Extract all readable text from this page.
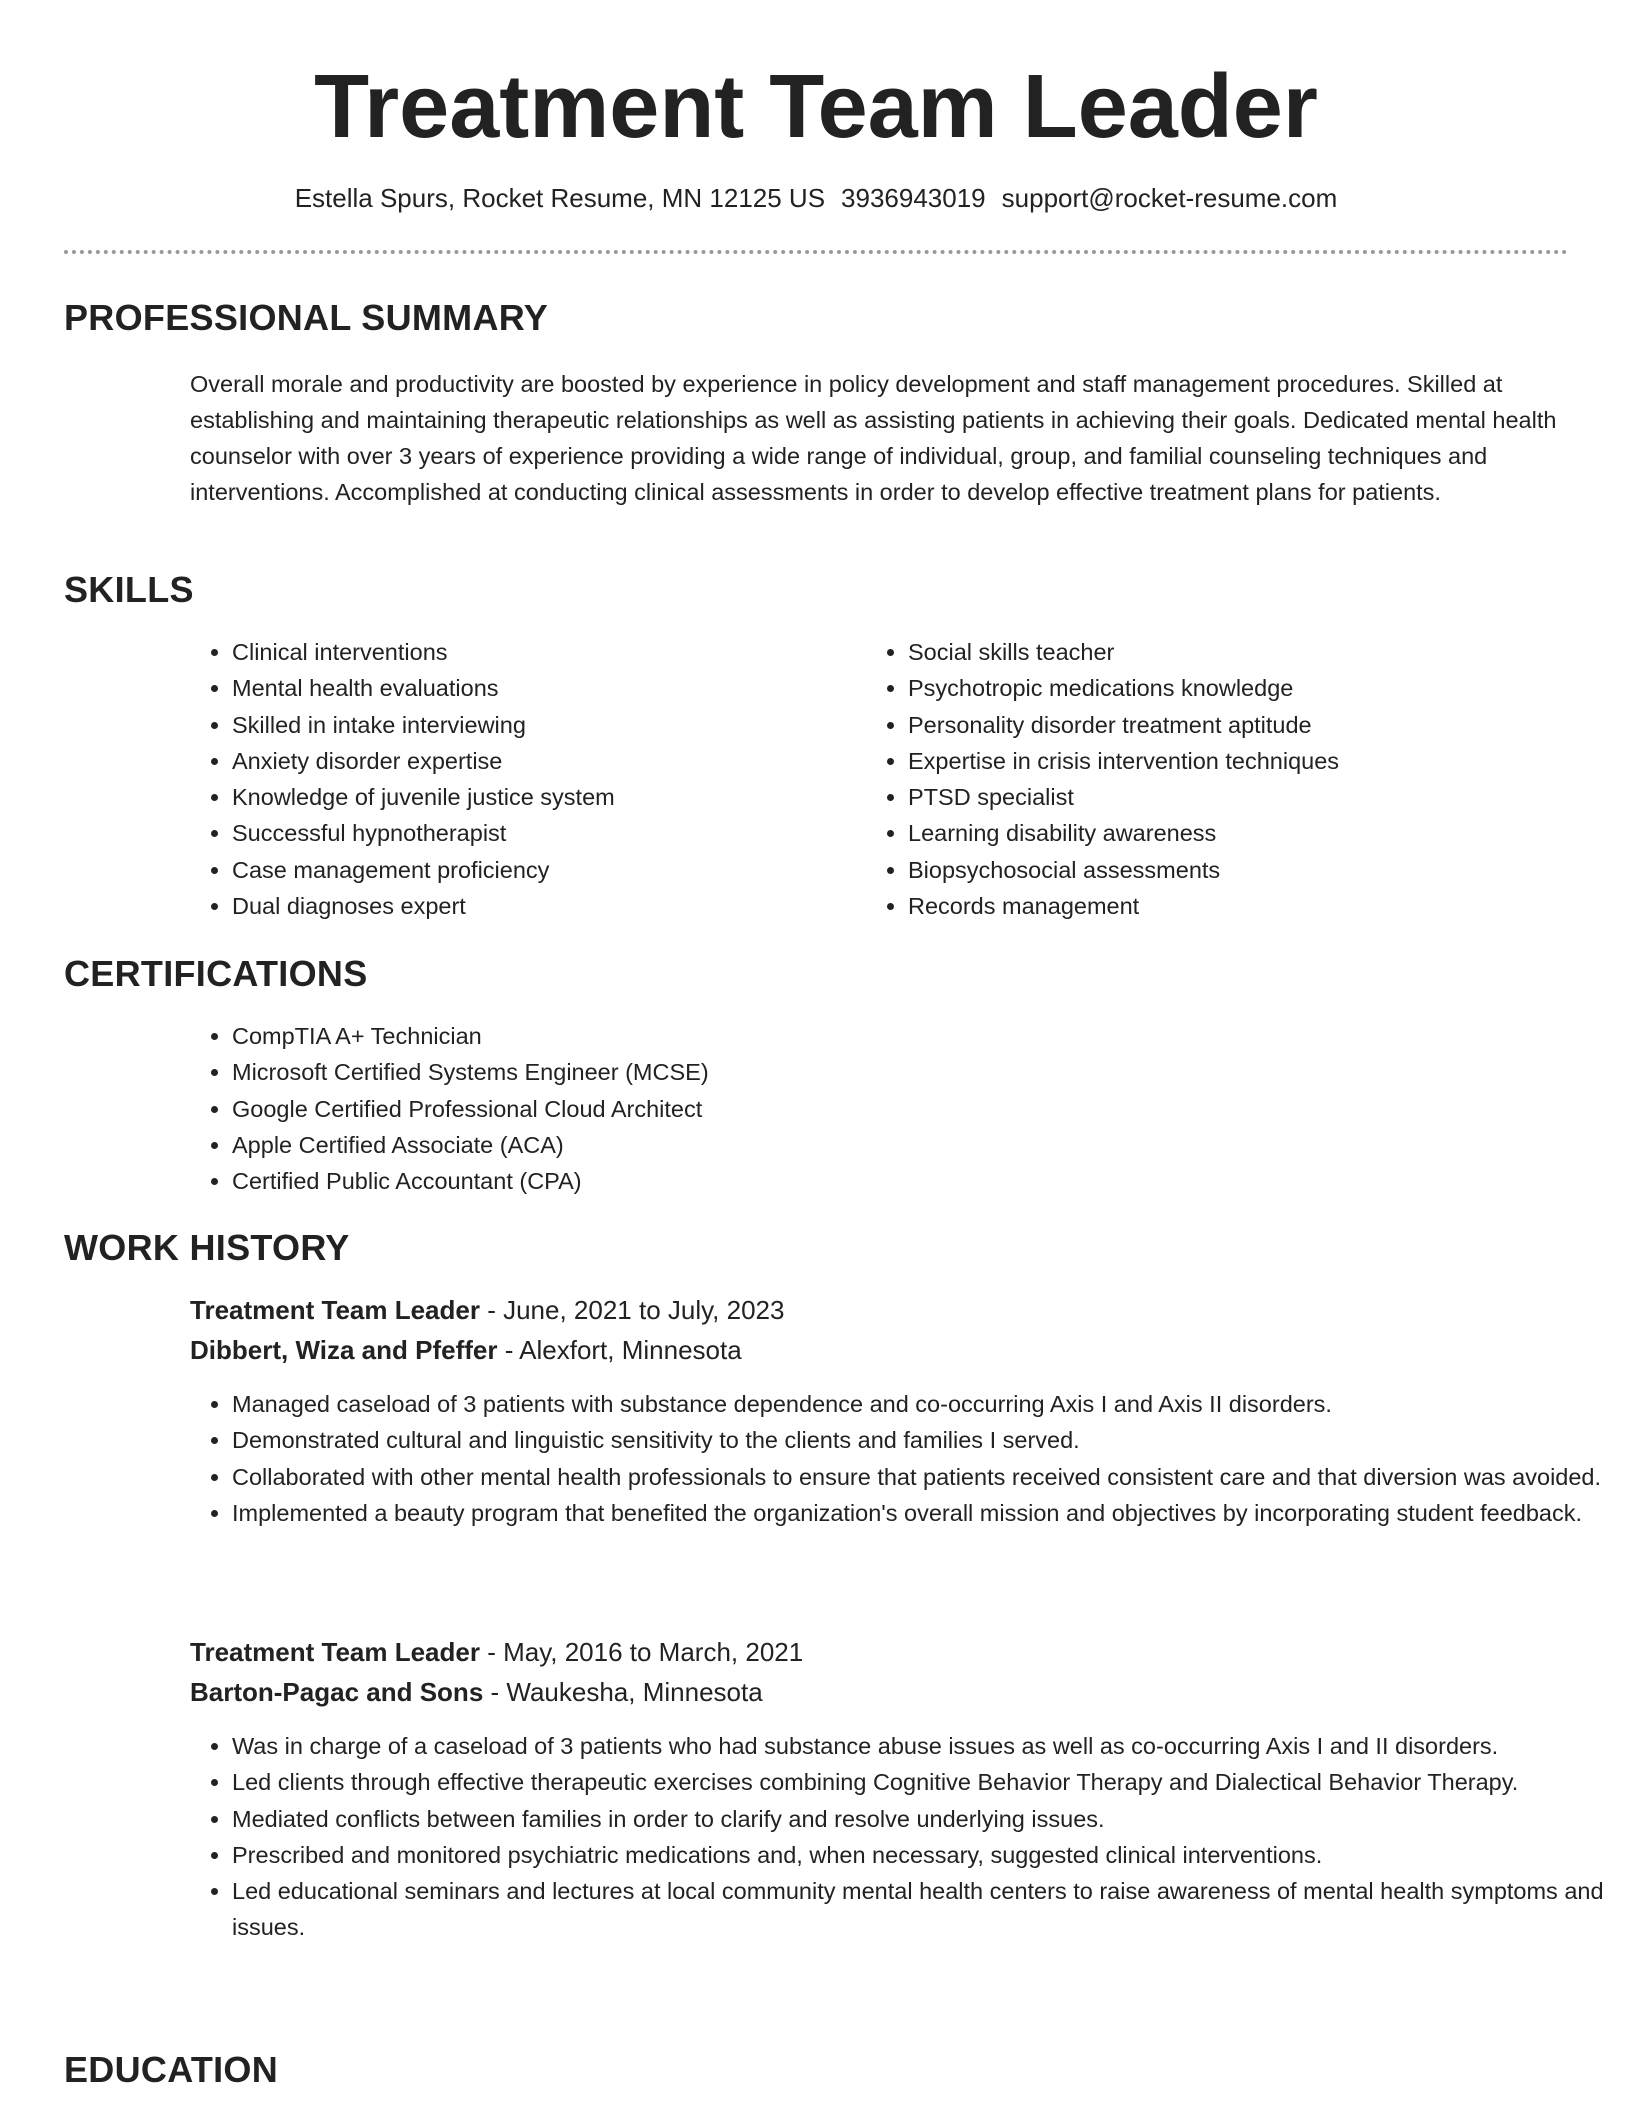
Treatment Team Leader
Estella Spurs, Rocket Resume, MN 12125 US 3936943019 support@rocket-resume.com
PROFESSIONAL SUMMARY

Overall morale and productivity are boosted by experience in policy development and staff management procedures. Skilled at establishing and maintaining therapeutic relationships as well as assisting patients in achieving their goals. Dedicated mental health counselor with over 3 years of experience providing a wide range of individual, group, and familial counseling techniques and interventions. Accomplished at conducting clinical assessments in order to develop effective treatment plans for patients.

SKILLS
• Clinical interventions
• Mental health evaluations
• Skilled in intake interviewing
• Anxiety disorder expertise
• Knowledge of juvenile justice system
• Successful hypnotherapist
• Case management proficiency
• Dual diagnoses expert
• Social skills teacher
• Psychotropic medications knowledge
• Personality disorder treatment aptitude
• Expertise in crisis intervention techniques
• PTSD specialist
• Learning disability awareness
• Biopsychosocial assessments
• Records management
CERTIFICATIONS
• CompTIA A+ Technician
• Microsoft Certified Systems Engineer (MCSE)
• Google Certified Professional Cloud Architect
• Apple Certified Associate (ACA)
• Certified Public Accountant (CPA)
WORK HISTORY
Treatment Team Leader - June, 2021 to July, 2023
Dibbert, Wiza and Pfeffer - Alexfort, Minnesota
• Managed caseload of 3 patients with substance dependence and co-occurring Axis I and Axis II disorders.
• Demonstrated cultural and linguistic sensitivity to the clients and families I served.
• Collaborated with other mental health professionals to ensure that patients received consistent care and that diversion was avoided.
• Implemented a beauty program that benefited the organization's overall mission and objectives by incorporating student feedback.
Treatment Team Leader - May, 2016 to March, 2021
Barton-Pagac and Sons - Waukesha, Minnesota
• Was in charge of a caseload of 3 patients who had substance abuse issues as well as co-occurring Axis I and II disorders.
• Led clients through effective therapeutic exercises combining Cognitive Behavior Therapy and Dialectical Behavior Therapy.
• Mediated conflicts between families in order to clarify and resolve underlying issues.
• Prescribed and monitored psychiatric medications and, when necessary, suggested clinical interventions.
• Led educational seminars and lectures at local community mental health centers to raise awareness of mental health symptoms and issues.
EDUCATION
